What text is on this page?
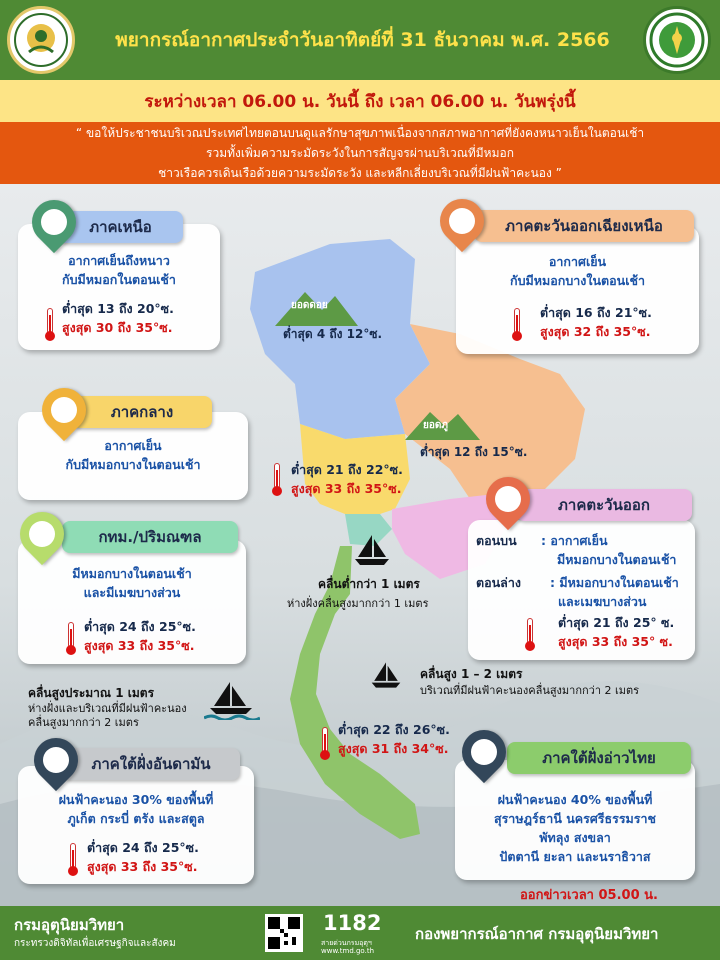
พยากรณ์อากาศประจำวันอาทิตย์ที่ 31 ธันวาคม พ.ศ. 2566
ระหว่างเวลา 06.00 น. วันนี้ ถึง เวลา 06.00 น. วันพรุ่งนี้
“ ขอให้ประชาชนบริเวณประเทศไทยตอนบนดูแลรักษาสุขภาพเนื่องจากสภาพอากาศที่ยังคงหนาวเย็นในตอนเช้า
รวมทั้งเพิ่มความระมัดระวังในการสัญจรผ่านบริเวณที่มีหมอก
ชาวเรือควรเดินเรือด้วยความระมัดระวัง และหลีกเลี่ยงบริเวณที่มีฝนฟ้าคะนอง ”
ยอดดอย
ต่ำสุด 4 ถึง 12°ซ.
ยอดภู
ต่ำสุด 12 ถึง 15°ซ.
อากาศเย็นถึงหนาว
กับมีหมอกในตอนเช้า
ภาคเหนือ
ต่ำสุด 13 ถึง 20°ซ.
สูงสุด 30 ถึง 35°ซ.
อากาศเย็น
กับมีหมอกบางในตอนเช้า
ภาคตะวันออกเฉียงเหนือ
ต่ำสุด 16 ถึง 21°ซ.
สูงสุด 32 ถึง 35°ซ.
อากาศเย็น
กับมีหมอกบางในตอนเช้า
ภาคกลาง
ต่ำสุด 21 ถึง 22°ซ.
สูงสุด 33 ถึง 35°ซ.
มีหมอกบางในตอนเช้า
และมีเมฆบางส่วน
กทม./ปริมณฑล
ต่ำสุด 24 ถึง 25°ซ.
สูงสุด 33 ถึง 35°ซ.
ตอนบน	: อากาศเย็น
มีหมอกบางในตอนเช้า
ตอนล่าง	: มีหมอกบางในตอนเช้า
และเมฆบางส่วน
ภาคตะวันออก
ต่ำสุด 21 ถึง 25° ซ.
สูงสุด 33 ถึง 35° ซ.
คลื่นต่ำกว่า 1 เมตร
ห่างฝั่งคลื่นสูงมากกว่า 1 เมตร
คลื่นสูง 1 – 2 เมตร
บริเวณที่มีฝนฟ้าคะนองคลื่นสูงมากกว่า 2 เมตร
คลื่นสูงประมาณ 1 เมตร
ห่างฝั่งและบริเวณที่มีฝนฟ้าคะนอง
คลื่นสูงมากกว่า 2 เมตร	ต่ำสุด 22 ถึง 26°ซ.
สูงสุด 31 ถึง 34°ซ.
ฝนฟ้าคะนอง 30% ของพื้นที่
ภูเก็ต กระบี่ ตรัง และสตูล
ภาคใต้ฝั่งอันดามัน
ต่ำสุด 24 ถึง 25°ซ.
สูงสุด 33 ถึง 35°ซ.
ฝนฟ้าคะนอง 40% ของพื้นที่
สุราษฎร์ธานี นครศรีธรรมราช
พัทลุง สงขลา
ปัตตานี ยะลา และนราธิวาส
ภาคใต้ฝั่งอ่าวไทย
ออกข่าวเวลา 05.00 น.
กรมอุตุนิยมวิทยา
กระทรวงดิจิทัลเพื่อเศรษฐกิจและสังคม
1182
สายด่วนกรมอุตุฯ
www.tmd.go.th
กองพยากรณ์อากาศ กรมอุตุนิยมวิทยา
